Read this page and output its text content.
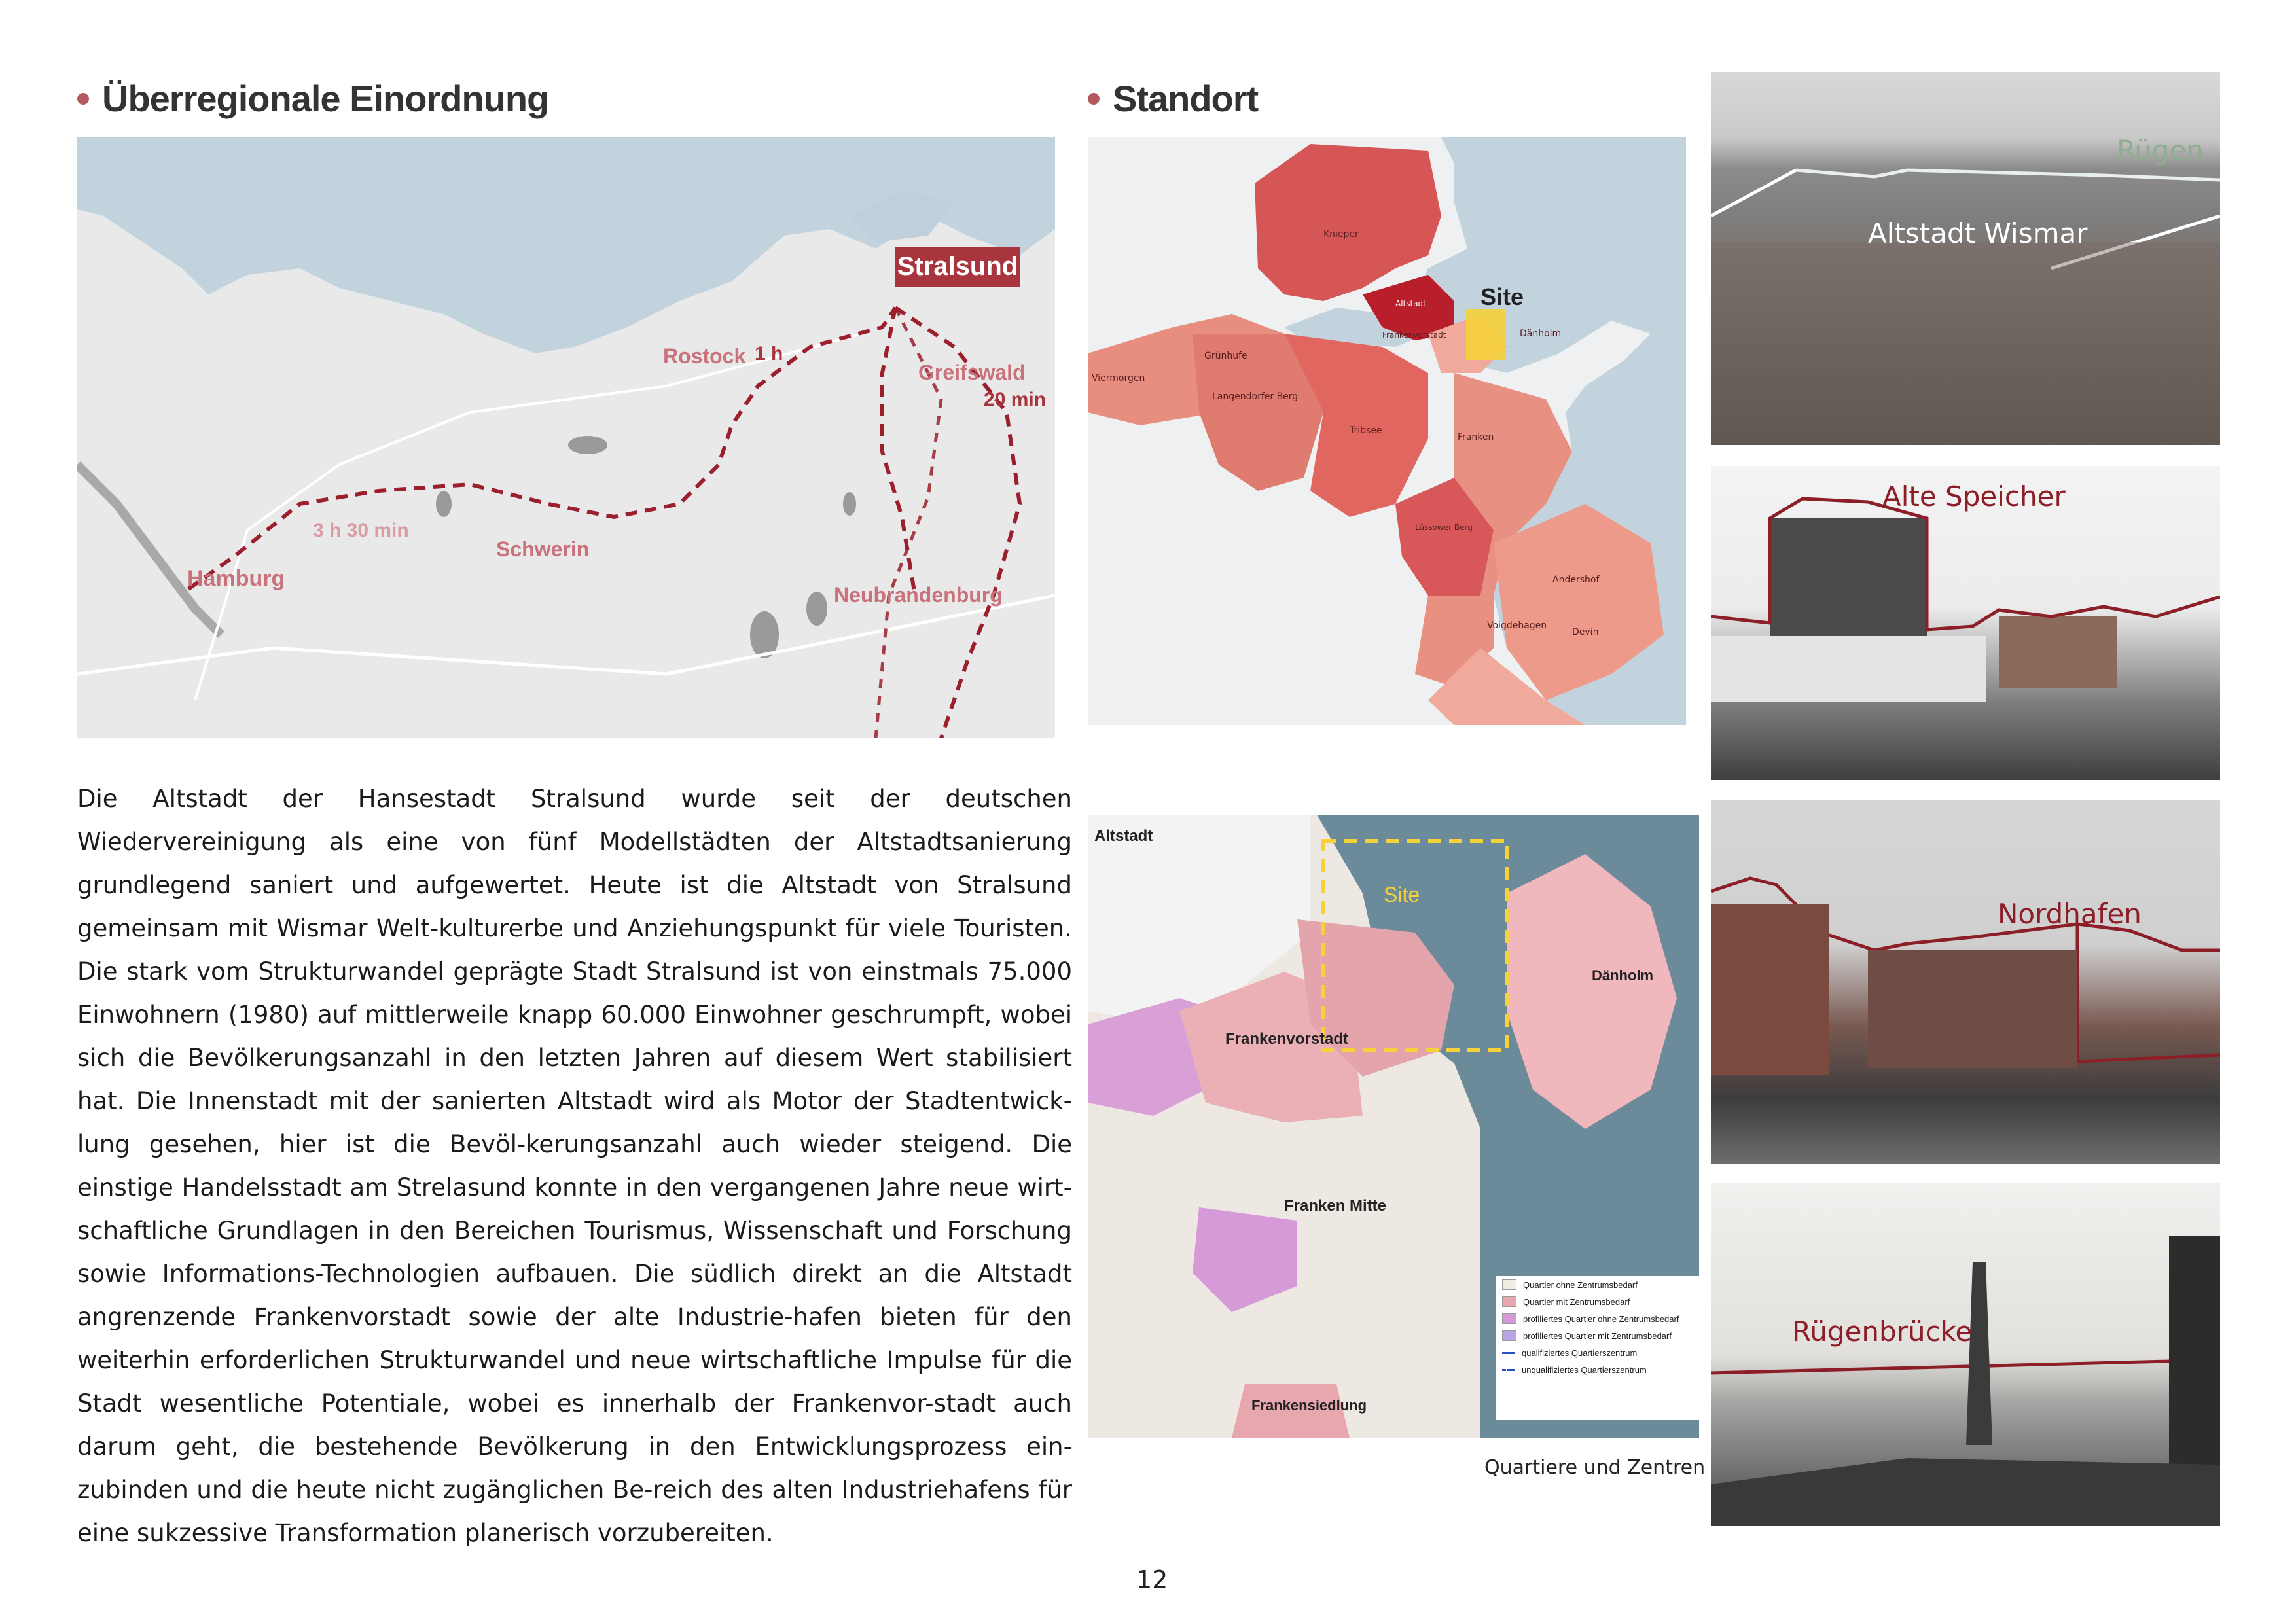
Überregionale Einordnung	Standort
Stralsund
Rostock 1 h
Greifswald
20 min
Schwerin
3 h 30 min
Hamburg
Neubrandenburg
Site
Knieper
Grünhufe
Viermorgen
Langendorfer Berg
Tribsee
Altstadt
Frankenvorstadt	Dänholm
Franken
Lüssower Berg
Andershof
Voigdehagen
Devin
Altstadt
Site
Dänholm
Frankenvorstadt
Franken Mitte
Frankensiedlung
Quartier ohne Zentrumsbedarf
Quartier mit Zentrumsbedarf
profiliertes Quartier ohne Zentrumsbedarf
profiliertes Quartier mit Zentrumsbedarf
qualifiziertes Quartierszentrum
unqualifiziertes Quartierszentrum
Quartiere und Zentren
Rügen
Altstadt Wismar
Alte Speicher
Nordhafen
Rügenbrücke

Die Altstadt der Hansestadt Stralsund wurde seit der deutschen Wiedervereinigung als eine von fünf Modellstädten der Altstadtsanierung grundlegend saniert und aufgewertet. Heute ist die Altstadt von Stralsund gemeinsam mit Wismar Welt-kulturerbe und Anziehungspunkt für viele Touristen. Die stark vom Strukturwandel geprägte Stadt Stralsund ist von einstmals 75.000 Einwohnern (1980) auf mittlerweile knapp 60.000 Einwohner geschrumpft, wobei sich die Bevölkerungsanzahl in den letzten Jahren auf diesem Wert stabilisiert hat. Die Innenstadt mit der sanierten Altstadt wird als Motor der Stadtentwick-lung gesehen, hier ist die Bevöl-kerungsanzahl auch wieder steigend. Die einstige Handelsstadt am Strelasund konnte in den vergangenen Jahre neue wirt-schaftliche Grundlagen in den Bereichen Tourismus, Wissenschaft und Forschung sowie Informations-Technologien aufbauen. Die südlich direkt an die Altstadt angrenzende Frankenvorstadt sowie der alte Industrie-hafen bieten für den weiterhin erforderlichen Strukturwandel und neue wirtschaftliche Impulse für die Stadt wesentliche Potentiale, wobei es innerhalb der Frankenvor-stadt auch darum geht, die bestehende Bevölkerung in den Entwicklungsprozess ein-zubinden und die heute nicht zugänglichen Be-reich des alten Industriehafens für eine sukzessive Transformation planerisch vorzubereiten.

12
